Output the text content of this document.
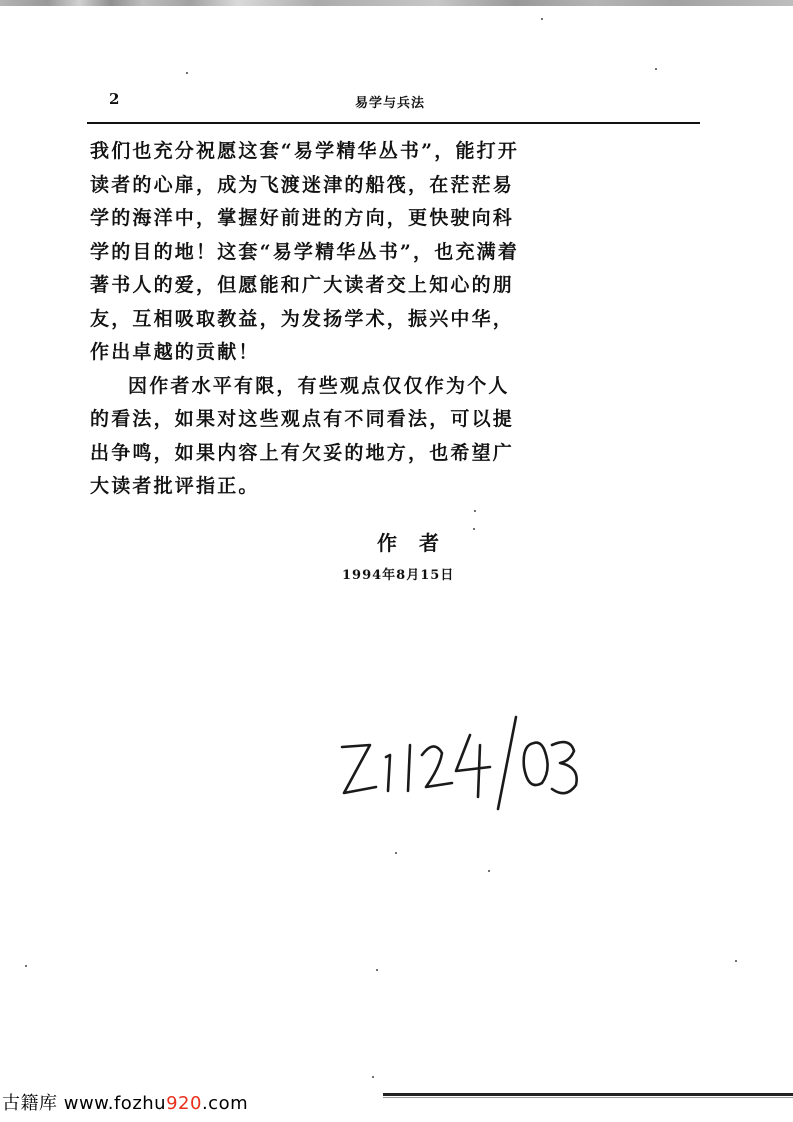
2	易学与兵法

我们也充分祝愿这套“易学精华丛书”，能打开读者的心扉，成为飞渡迷津的船筏，在茫茫易学的海洋中，掌握好前进的方向，更快驶向科学的目的地！这套“易学精华丛书”，也充满着著书人的爱，但愿能和广大读者交上知心的朋友，互相吸取教益，为发扬学术，振兴中华，作出卓越的贡献！

因作者水平有限，有些观点仅仅作为个人的看法，如果对这些观点有不同看法，可以提出争鸣，如果内容上有欠妥的地方，也希望广大读者批评指正。

作者
1994年8月15日
古籍库 www.fozhu920.com
